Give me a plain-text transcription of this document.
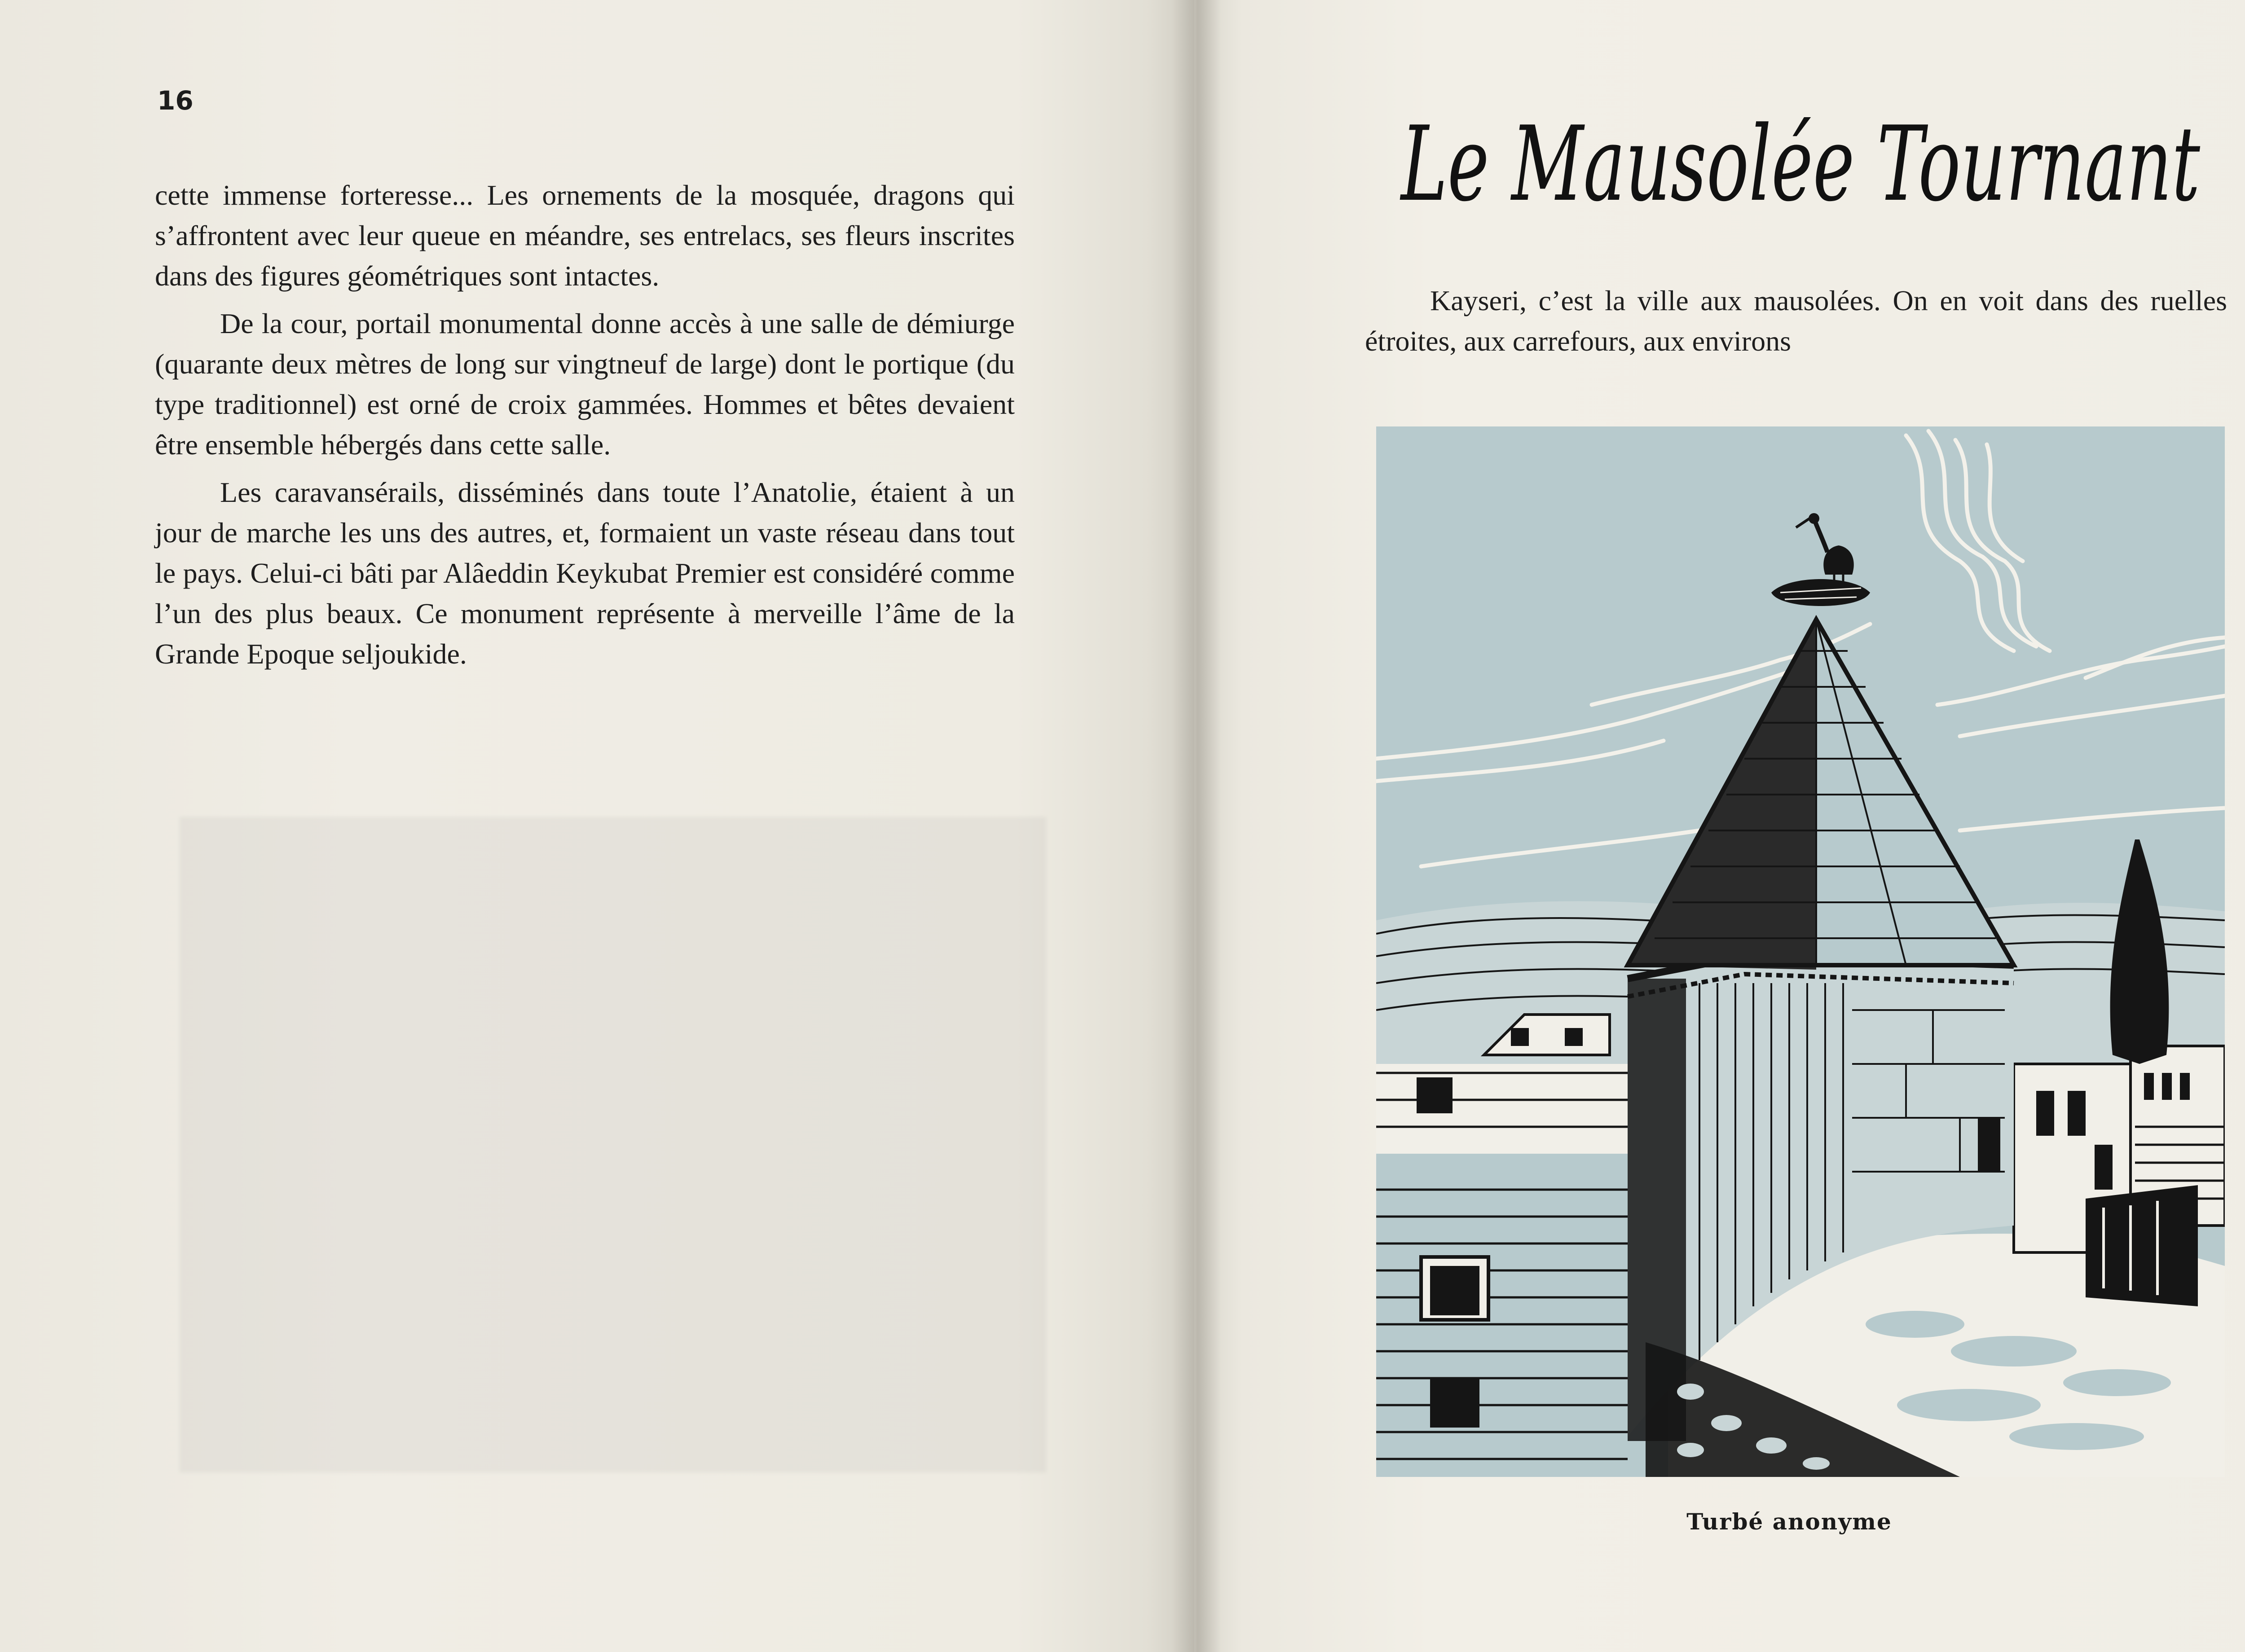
16

cette immense forteresse... Les ornements de la mosquée, dragons qui s’affrontent avec leur queue en méandre, ses entrelacs, ses fleurs inscrites dans des figures géométriques sont intactes.

De la cour, portail monumental donne accès à une salle de démiurge (quarante deux mètres de long sur vingtneuf de large) dont le portique (du type traditionnel) est orné de croix gammées. Hommes et bêtes devaient être ensemble hébergés dans cette salle.

Les caravansérails, disséminés dans toute l’Anatolie, étaient à un jour de marche les uns des autres, et, formaient un vaste réseau dans tout le pays. Celui-ci bâti par Alâeddin Keykubat Premier est considéré comme l’un des plus beaux. Ce monument représente à merveille l’âme de la Grande Epoque seljoukide.

Le Mausolée Tournant
Kayseri, c’est la ville aux mausolées. On en voit dans des ruelles étroites, aux carrefours, aux environs
Turbé anonyme
